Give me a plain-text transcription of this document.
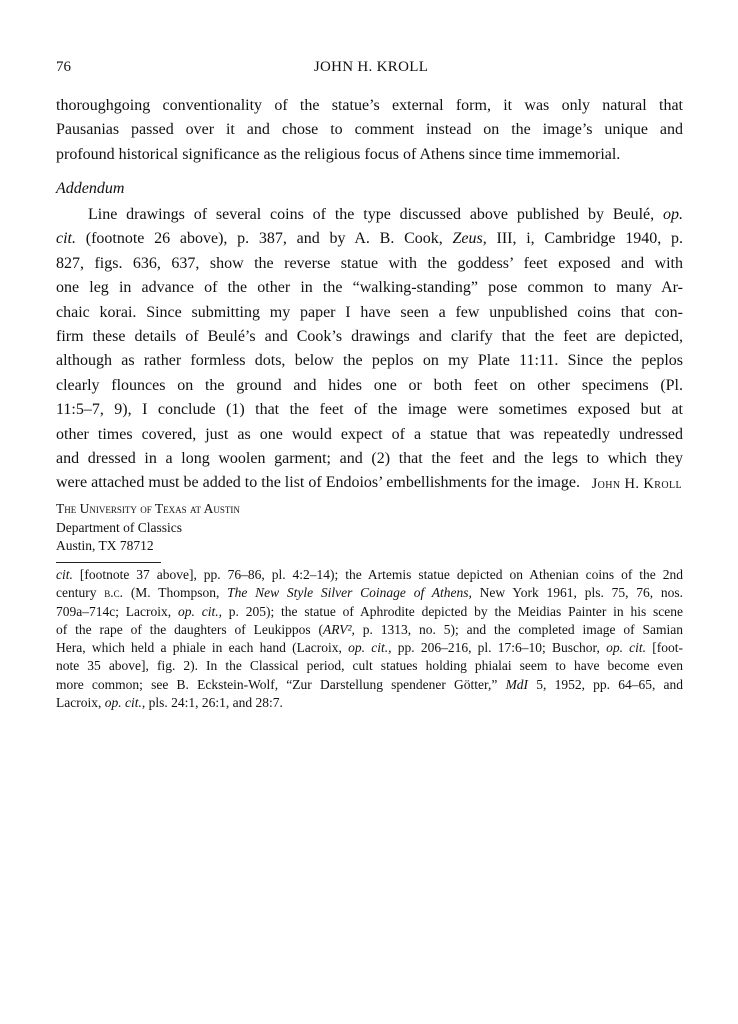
76	JOHN H. KROLL
thoroughgoing conventionality of the statue’s external form, it was only natural that
Pausanias passed over it and chose to comment instead on the image’s unique and
profound historical significance as the religious focus of Athens since time immemorial.
Addendum
Line drawings of several coins of the type discussed above published by Beulé, op.
cit. (footnote 26 above), p. 387, and by A. B. Cook, Zeus, III, i, Cambridge 1940, p.
827, figs. 636, 637, show the reverse statue with the goddess’ feet exposed and with
one leg in advance of the other in the “walking-standing” pose common to many Ar-
chaic korai. Since submitting my paper I have seen a few unpublished coins that con-
firm these details of Beulé’s and Cook’s drawings and clarify that the feet are depicted,
although as rather formless dots, below the peplos on my Plate 11:11. Since the peplos
clearly flounces on the ground and hides one or both feet on other specimens (Pl.
11:5–7, 9), I conclude (1) that the feet of the image were sometimes exposed but at
other times covered, just as one would expect of a statue that was repeatedly undressed
and dressed in a long woolen garment; and (2) that the feet and the legs to which they
were attached must be added to the list of Endoios’ embellishments for the image. John H. Kroll
The University of Texas at Austin
Department of Classics
Austin, TX 78712
cit. [footnote 37 above], pp. 76–86, pl. 4:2–14); the Artemis statue depicted on Athenian coins of the 2nd
century b.c. (M. Thompson, The New Style Silver Coinage of Athens, New York 1961, pls. 75, 76, nos.
709a–714c; Lacroix, op. cit., p. 205); the statue of Aphrodite depicted by the Meidias Painter in his scene
of the rape of the daughters of Leukippos (ARV², p. 1313, no. 5); and the completed image of Samian
Hera, which held a phiale in each hand (Lacroix, op. cit., pp. 206–216, pl. 17:6–10; Buschor, op. cit. [foot-
note 35 above], fig. 2). In the Classical period, cult statues holding phialai seem to have become even
more common; see B. Eckstein-Wolf, “Zur Darstellung spendener Götter,” MdI 5, 1952, pp. 64–65, and
Lacroix, op. cit., pls. 24:1, 26:1, and 28:7.
